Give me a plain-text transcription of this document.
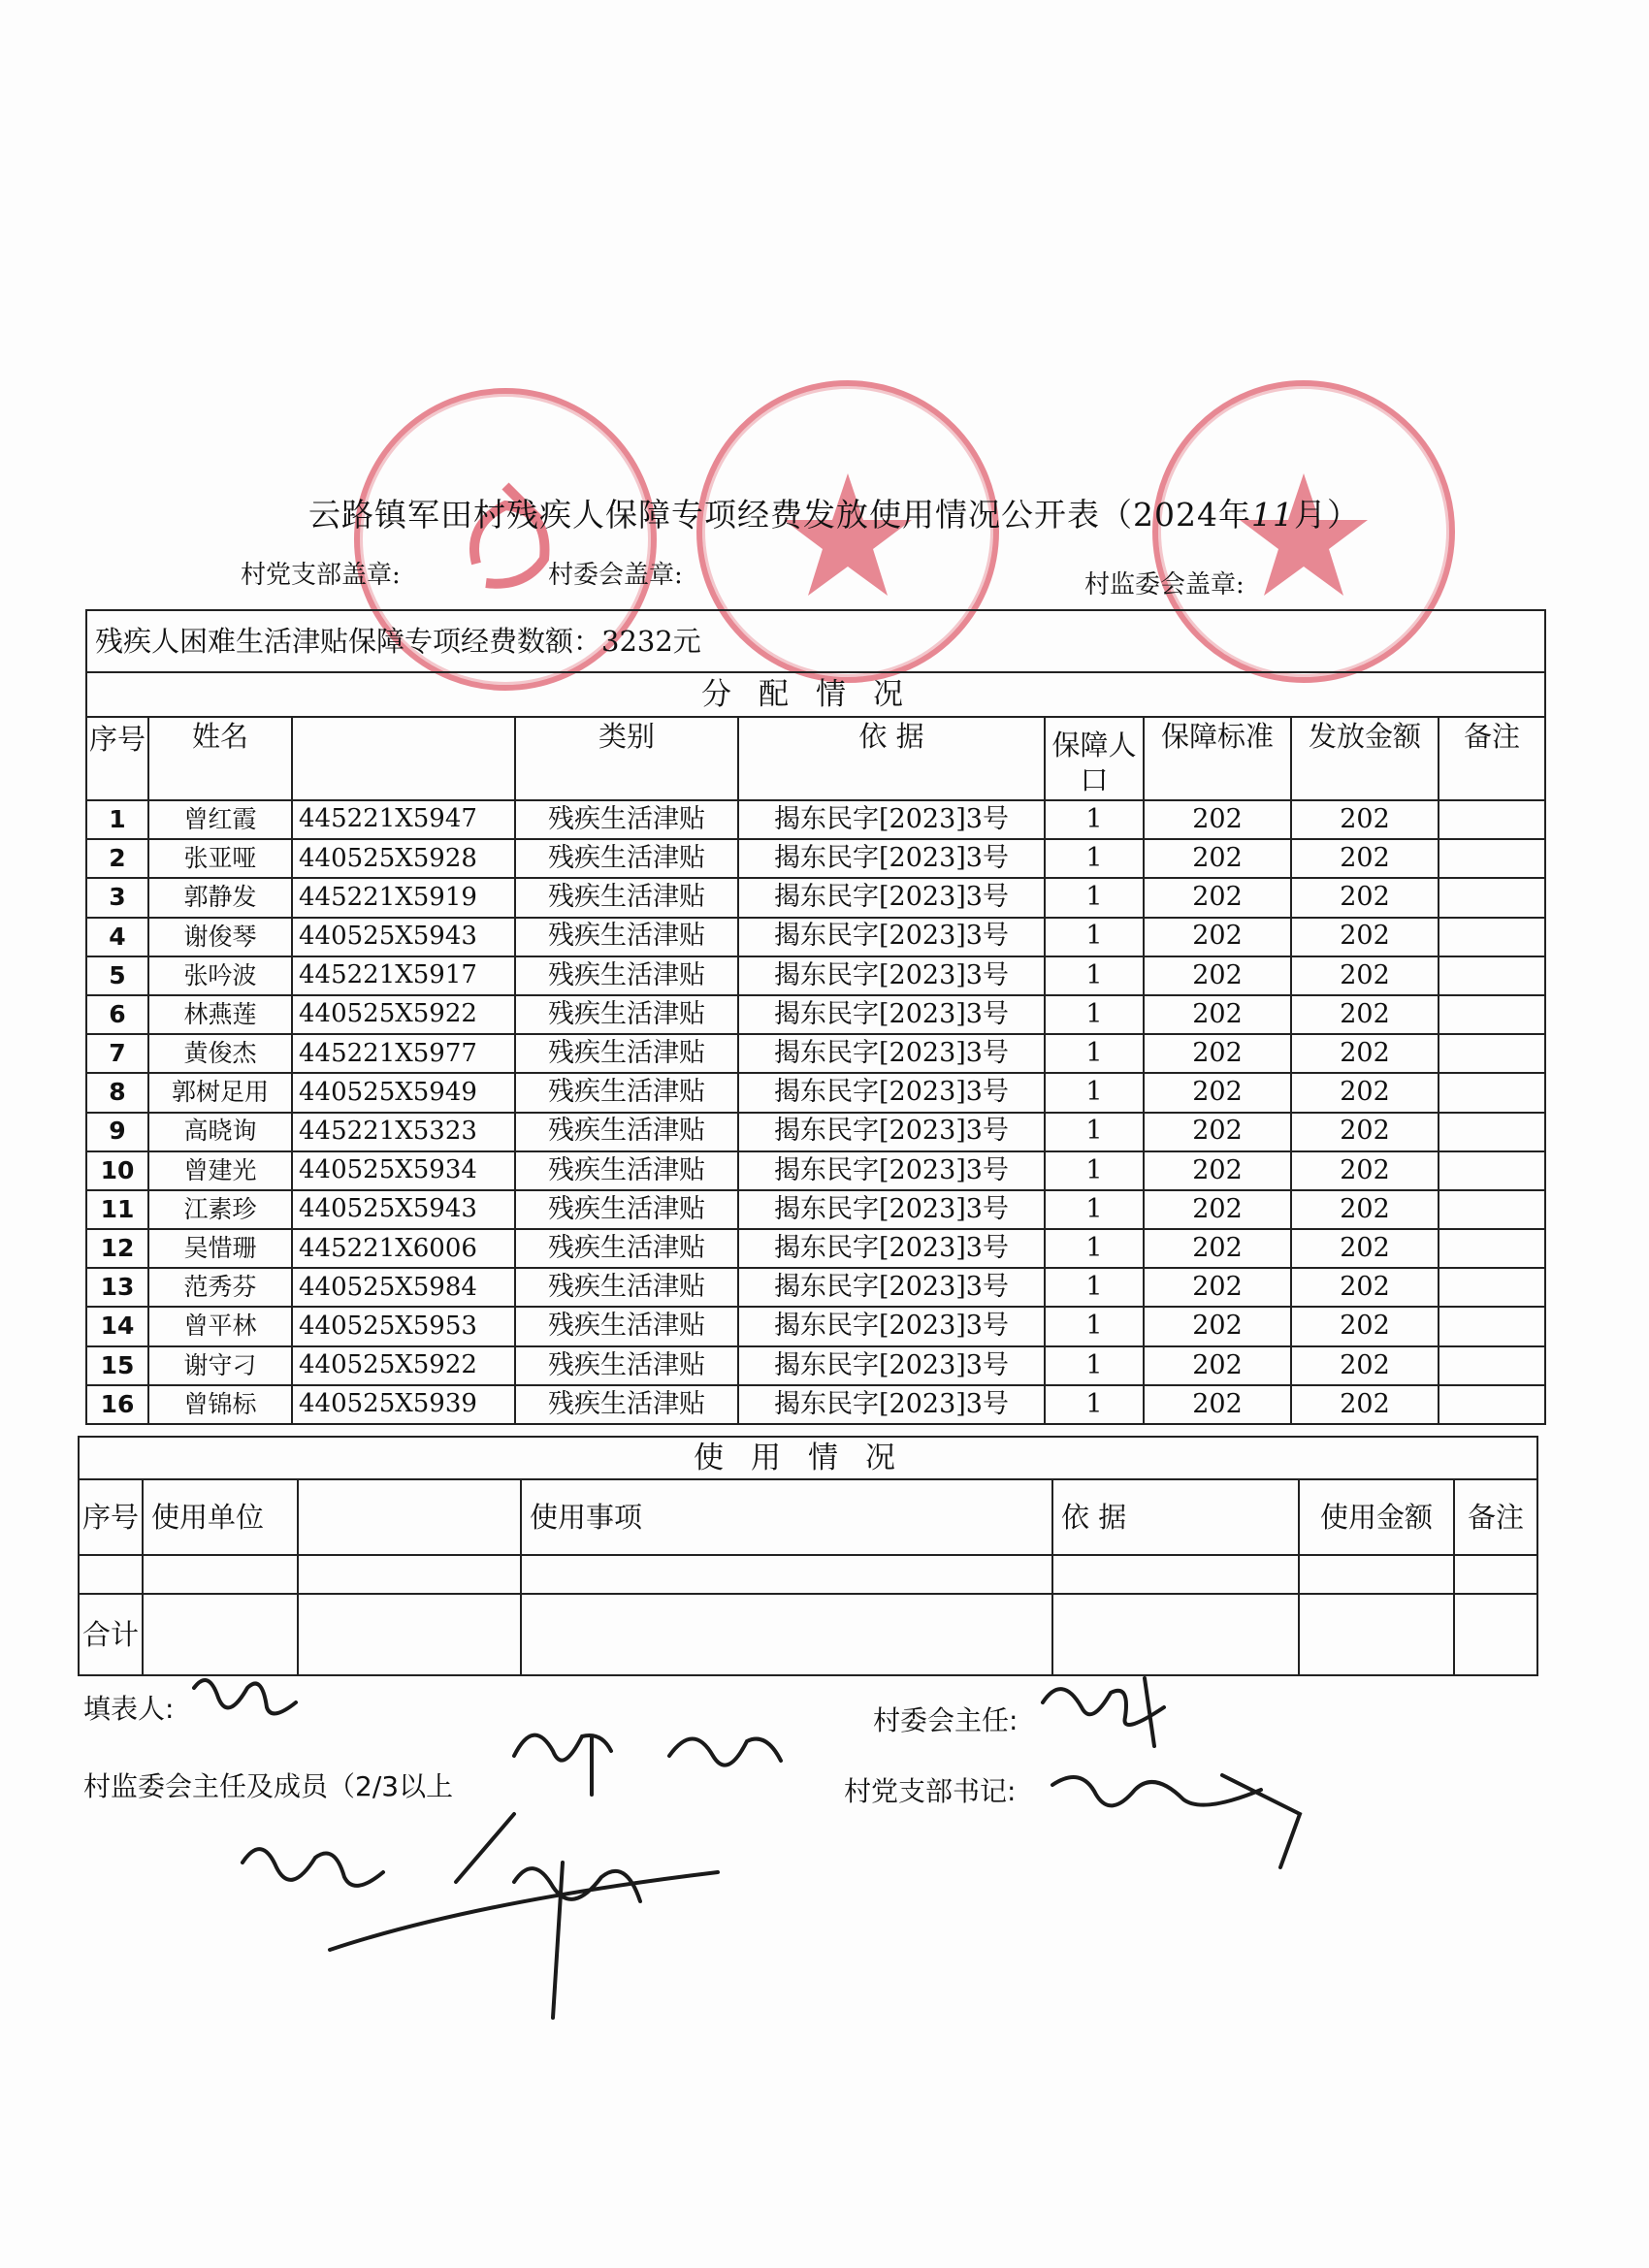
云路镇军田村残疾人保障专项经费发放使用情况公开表（2024年11月）
村党支部盖章:	村委会盖章:	村监委会盖章:
残疾人困难生活津贴保障专项经费数额：3232元								
分配情况								
序号	姓名		类别	依 据	保障人口	保障标准	发放金额	备注
1	曾红霞	445221X5947	残疾生活津贴	揭东民字[2023]3号	1	202	202	
2	张亚哑	440525X5928	残疾生活津贴	揭东民字[2023]3号	1	202	202	
3	郭静发	445221X5919	残疾生活津贴	揭东民字[2023]3号	1	202	202	
4	谢俊琴	440525X5943	残疾生活津贴	揭东民字[2023]3号	1	202	202	
5	张吟波	445221X5917	残疾生活津贴	揭东民字[2023]3号	1	202	202	
6	林燕莲	440525X5922	残疾生活津贴	揭东民字[2023]3号	1	202	202	
7	黄俊杰	445221X5977	残疾生活津贴	揭东民字[2023]3号	1	202	202	
8	郭树足用	440525X5949	残疾生活津贴	揭东民字[2023]3号	1	202	202	
9	高晓询	445221X5323	残疾生活津贴	揭东民字[2023]3号	1	202	202	
10	曾建光	440525X5934	残疾生活津贴	揭东民字[2023]3号	1	202	202	
11	江素珍	440525X5943	残疾生活津贴	揭东民字[2023]3号	1	202	202	
12	吴惜珊	445221X6006	残疾生活津贴	揭东民字[2023]3号	1	202	202	
13	范秀芬	440525X5984	残疾生活津贴	揭东民字[2023]3号	1	202	202	
14	曾平林	440525X5953	残疾生活津贴	揭东民字[2023]3号	1	202	202	
15	谢守刁	440525X5922	残疾生活津贴	揭东民字[2023]3号	1	202	202	
16	曾锦标	440525X5939	残疾生活津贴	揭东民字[2023]3号	1	202	202	
使用情况						
序号	使用单位		使用事项	依 据	使用金额	备注

合计						
填表人:	村委会主任:
村监委会主任及成员（2/3以上	村党支部书记:
